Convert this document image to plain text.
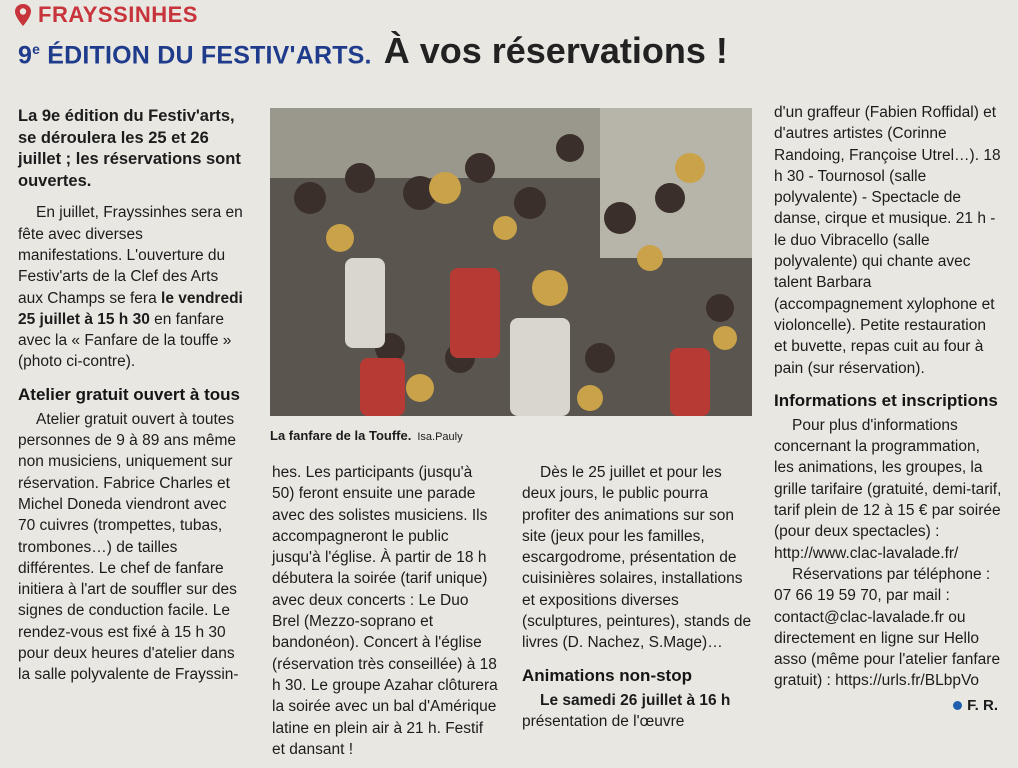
FRAYSSINHES
9e ÉDITION DU FESTIV'ARTS. À vos réservations !

La 9e édition du Festiv'arts, se déroulera les 25 et 26 juillet ; les réservations sont ouvertes.

En juillet, Frayssinhes sera en fête avec diverses manifestations. L'ouverture du Festiv'arts de la Clef des Arts aux Champs se fera le vendredi 25 juillet à 15 h 30 en fanfare avec la « Fanfare de la touffe » (photo ci-contre).

Atelier gratuit ouvert à tous

Atelier gratuit ouvert à toutes personnes de 9 à 89 ans même non musiciens, uniquement sur réservation. Fabrice Charles et Michel Doneda viendront avec 70 cuivres (trompettes, tubas, trombones…) de tailles différentes. Le chef de fanfare initiera à l'art de souffler sur des signes de conduction facile. Le rendez-vous est fixé à 15 h 30 pour deux heures d'atelier dans la salle polyvalente de Frayssin-

La fanfare de la Touffe. Isa.Pauly

hes. Les participants (jusqu'à 50) feront ensuite une parade avec des solistes musiciens. Ils accompagneront le public jusqu'à l'église. À partir de 18 h débutera la soirée (tarif unique) avec deux concerts : Le Duo Brel (Mezzo-soprano et bandonéon). Concert à l'église (réservation très conseillée) à 18 h 30. Le groupe Azahar clôturera la soirée avec un bal d'Amérique latine en plein air à 21 h. Festif et dansant !

Dès le 25 juillet et pour les deux jours, le public pourra profiter des animations sur son site (jeux pour les familles, escargodrome, présentation de cuisinières solaires, installations et expositions diverses (sculptures, peintures), stands de livres (D. Nachez, S.Mage)…

Animations non-stop

Le samedi 26 juillet à 16 h présentation de l'œuvre

d'un graffeur (Fabien Roffidal) et d'autres artistes (Corinne Randoing, Françoise Utrel…). 18 h 30 - Tournosol (salle polyvalente) - Spectacle de danse, cirque et musique. 21 h - le duo Vibracello (salle polyvalente) qui chante avec talent Barbara (accompagnement xylophone et violoncelle). Petite restauration et buvette, repas cuit au four à pain (sur réservation).

Informations et inscriptions

Pour plus d'informations concernant la programmation, les animations, les groupes, la grille tarifaire (gratuité, demi-tarif, tarif plein de 12 à 15 € par soirée (pour deux spectacles) : http://www.clac-lavalade.fr/

Réservations par téléphone : 07 66 19 59 70, par mail : contact@clac-lavalade.fr ou directement en ligne sur Hello asso (même pour l'atelier fanfare gratuit) : https://urls.fr/BLbpVo

F. R.
